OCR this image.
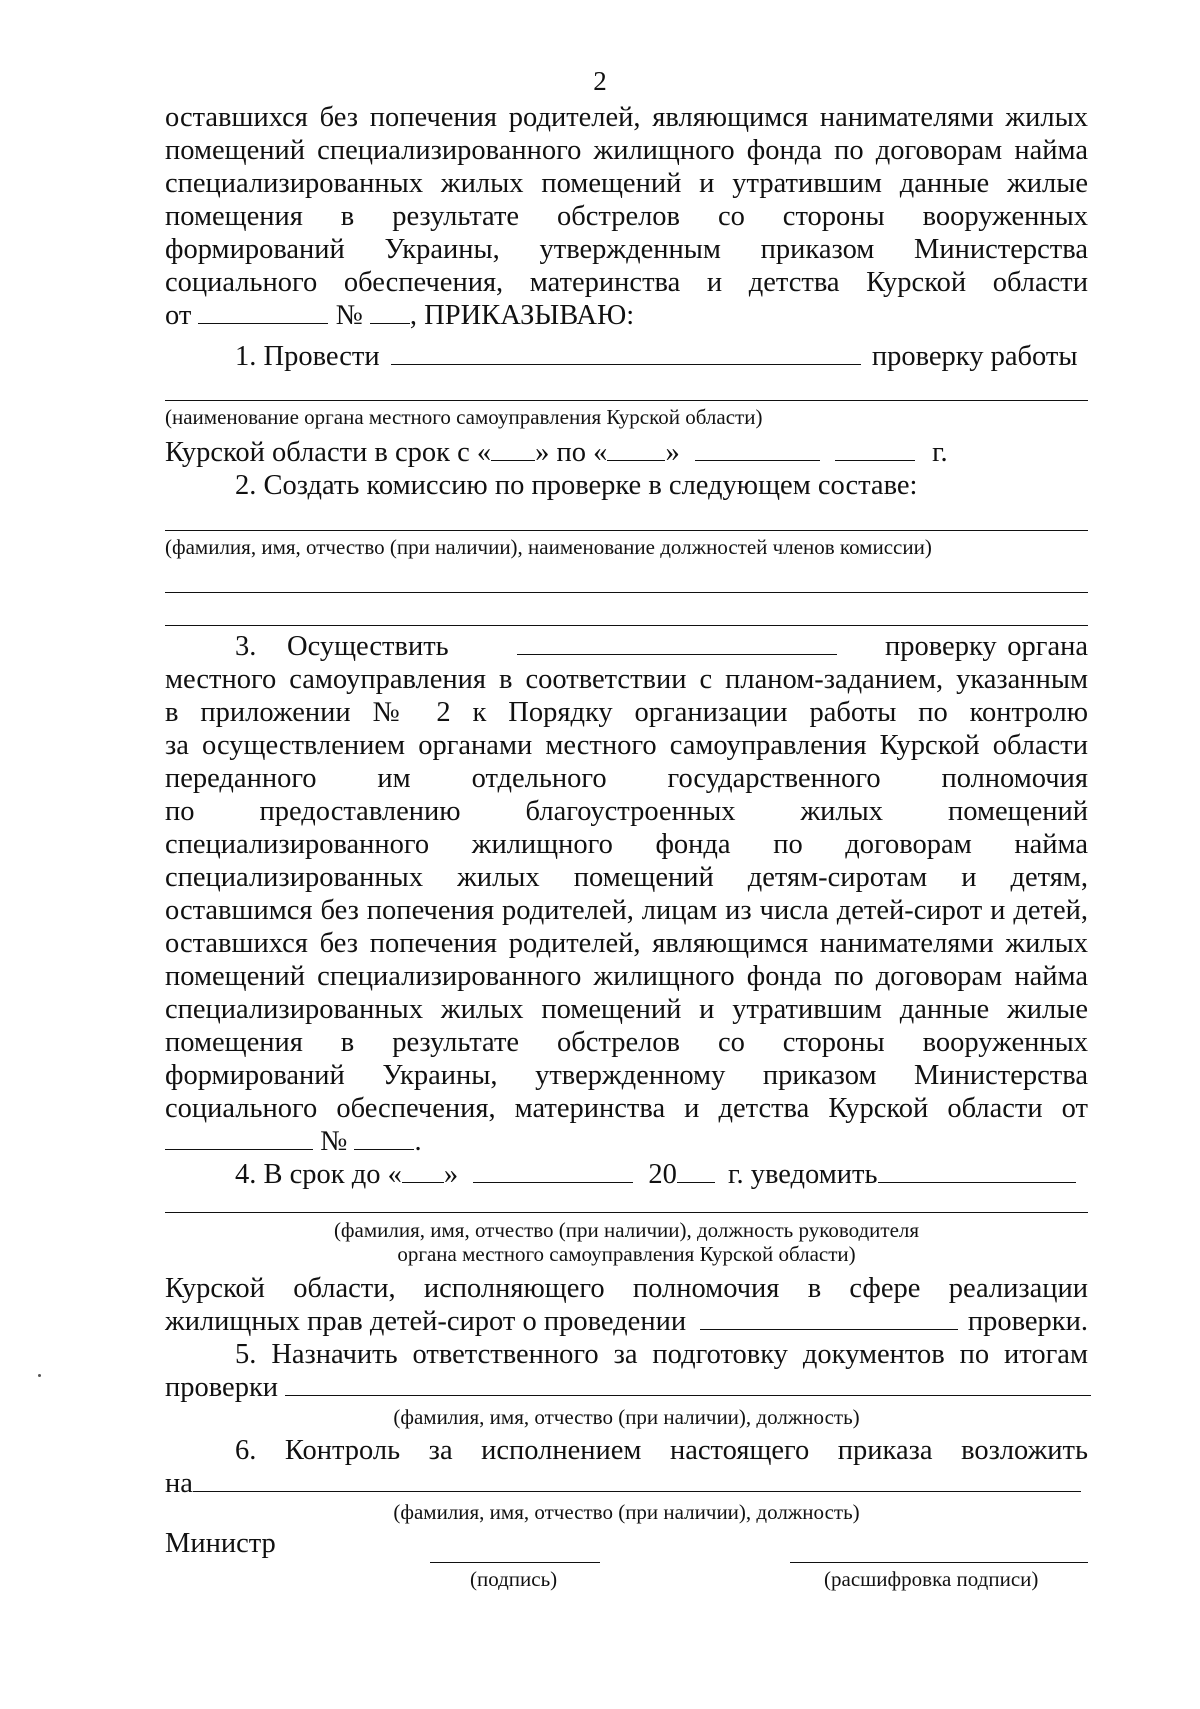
2
оставшихся без попечения родителей, являющимся нанимателями жилых
помещений специализированного жилищного фонда по договорам найма
специализированных жилых помещений и утратившим данные жилые
помещения в результате обстрелов со стороны вооруженных
формирований Украины, утвержденным приказом Министерства
социального обеспечения, материнства и детства Курской области
от	№ , ПРИКАЗЫВАЮ:
1. Провести	проверку работы
(наименование органа местного самоуправления Курской области)
Курской области в срок с « » по « »	г.
2. Создать комиссию по проверке в следующем составе:
(фамилия, имя, отчество (при наличии), наименование должностей членов комиссии)
3.	Осуществить	проверку органа
местного самоуправления в соответствии с планом-заданием, указанным
в приложении № 2 к Порядку организации работы по контролю
за осуществлением органами местного самоуправления Курской области
переданного им отдельного государственного полномочия
по предоставлению благоустроенных жилых помещений
специализированного жилищного фонда по договорам найма
специализированных жилых помещений детям-сиротам и детям,
оставшимся без попечения родителей, лицам из числа детей-сирот и детей,
оставшихся без попечения родителей, являющимся нанимателями жилых
помещений специализированного жилищного фонда по договорам найма
специализированных жилых помещений и утратившим данные жилые
помещения в результате обстрелов со стороны вооруженных
формирований Украины, утвержденному приказом Министерства
социального обеспечения, материнства и детства Курской области от
№ .
4. В срок до « »	20 г. уведомить
(фамилия, имя, отчество (при наличии), должность руководителя
органа местного самоуправления Курской области)
Курской области, исполняющего полномочия в сфере реализации
жилищных прав детей-сирот о проведении	проверки.
5. Назначить ответственного за подготовку документов по итогам
проверки
(фамилия, имя, отчество (при наличии), должность)
6. Контроль за исполнением настоящего приказа возложить
на
(фамилия, имя, отчество (при наличии), должность)
Министр
(подпись)	(расшифровка подписи)
